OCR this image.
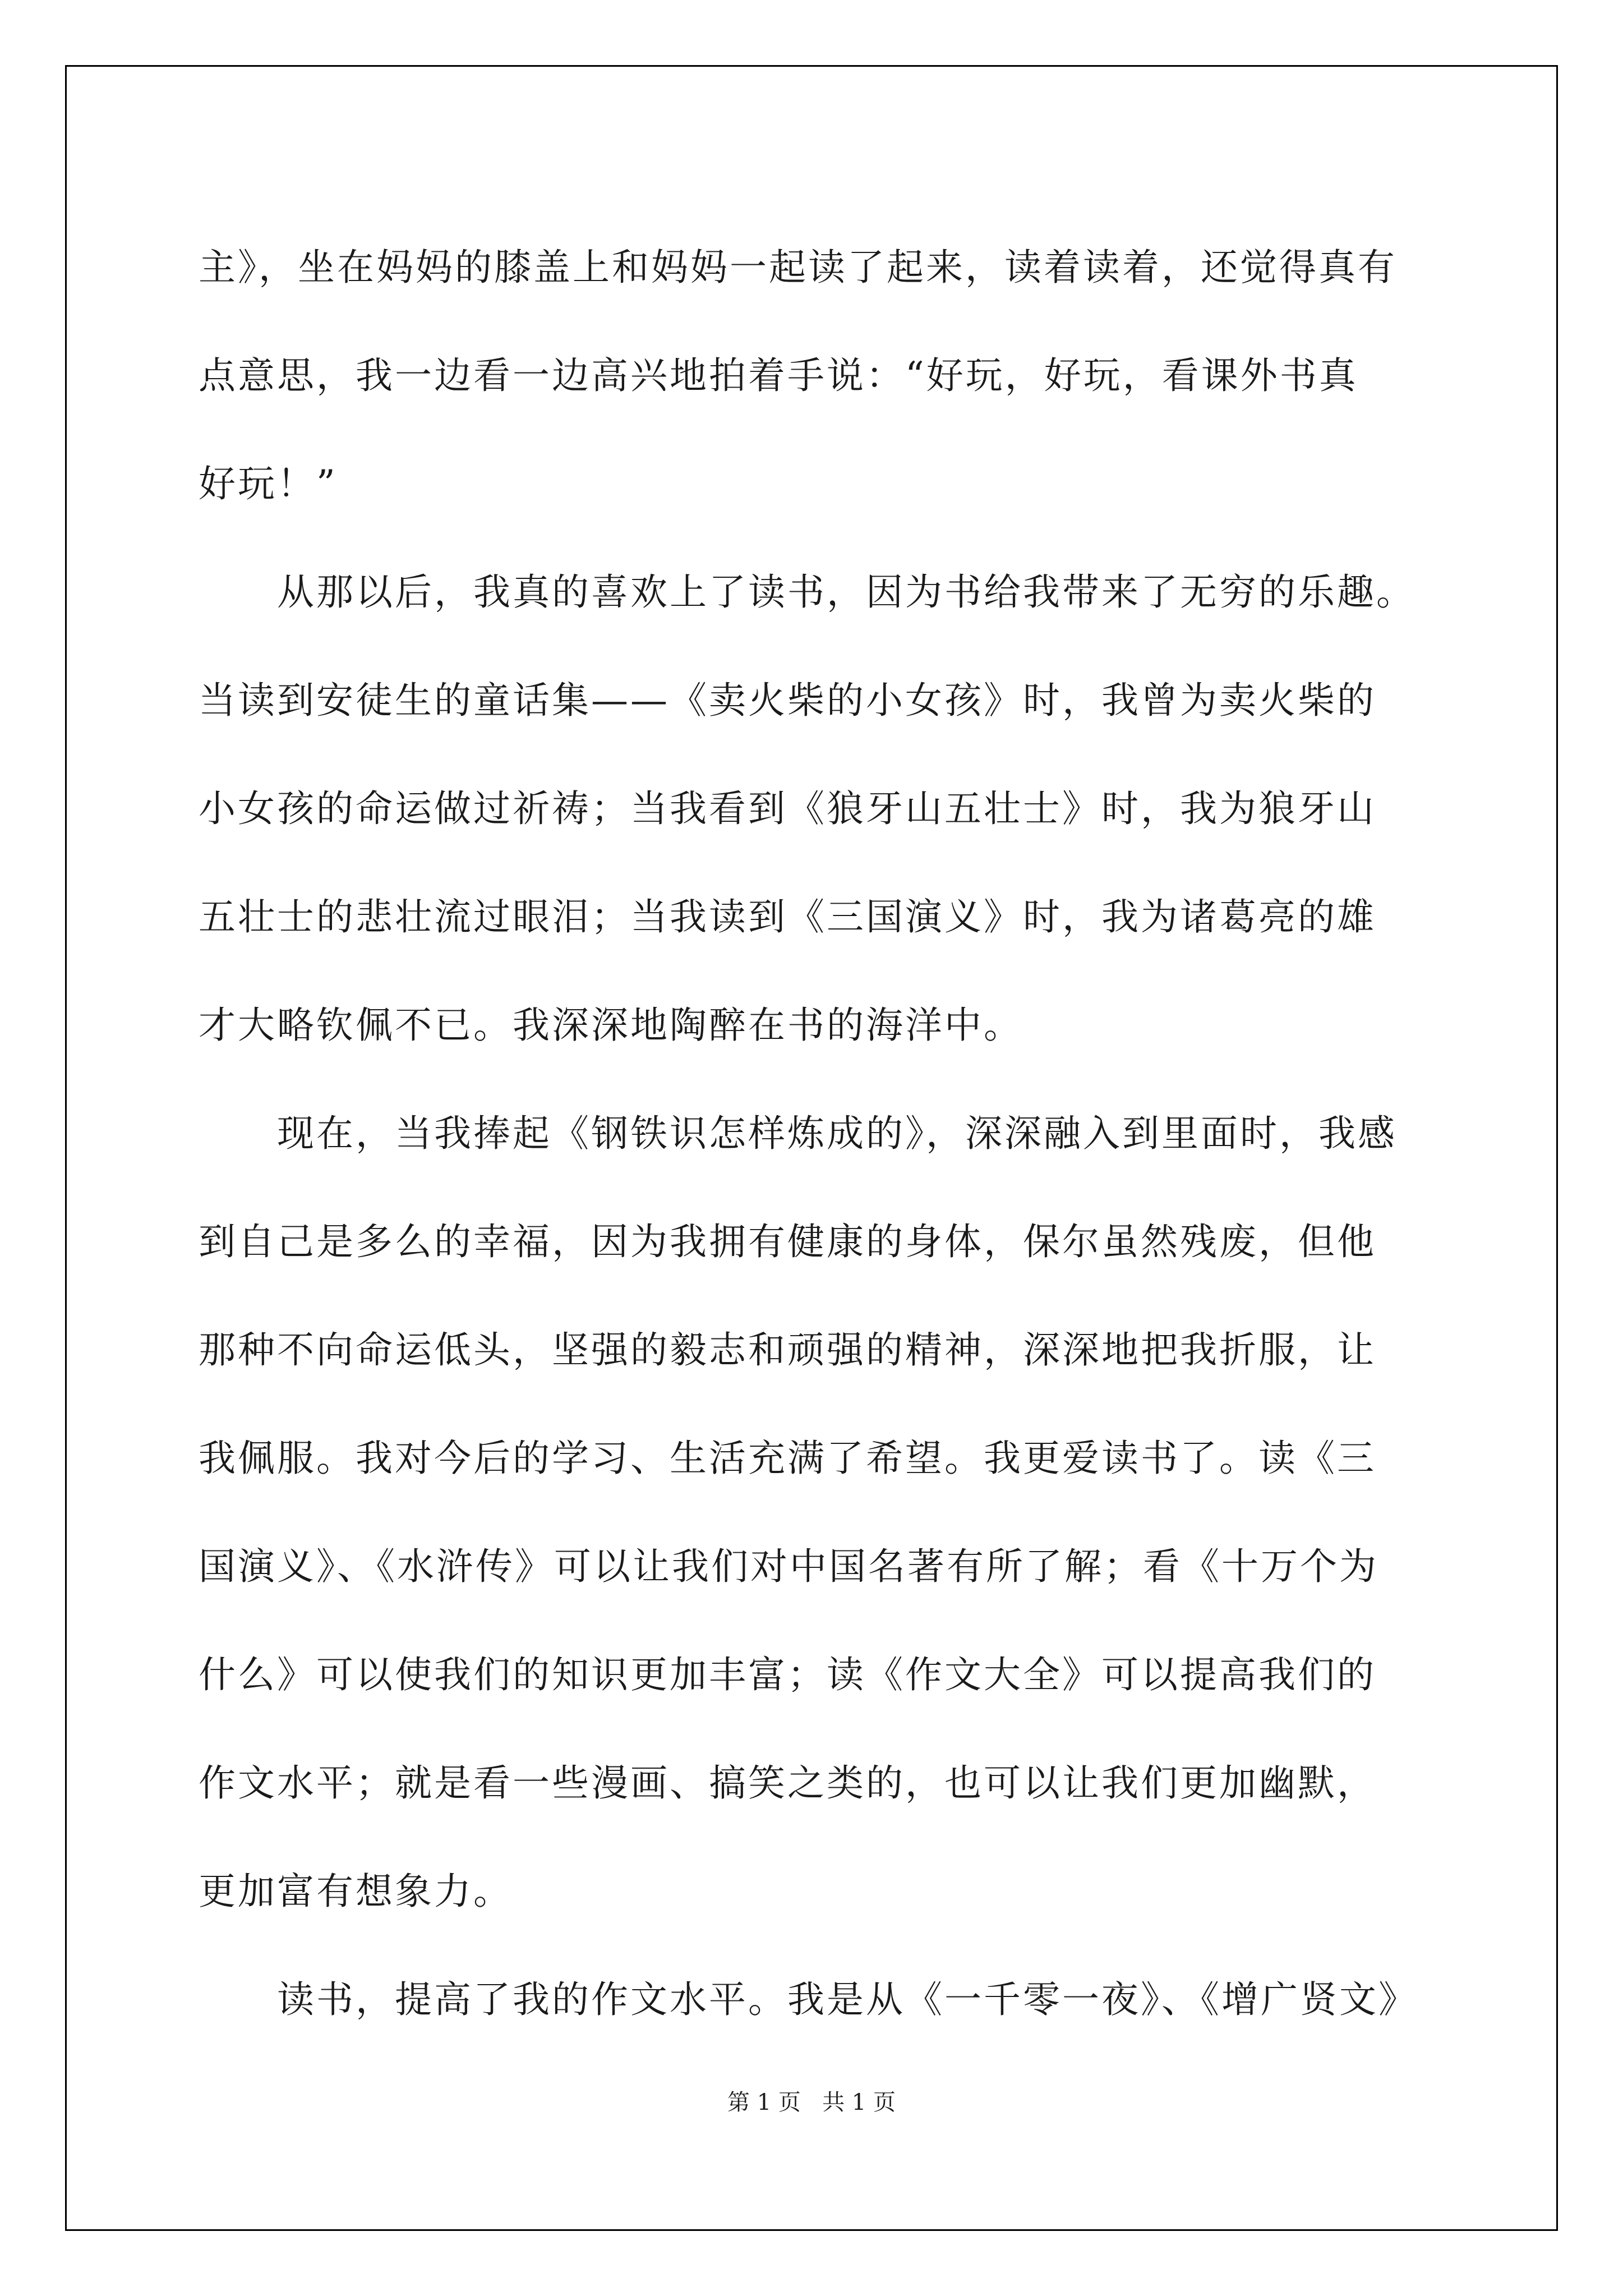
主》，坐在妈妈的膝盖上和妈妈一起读了起来，读着读着，还觉得真有
点意思，我一边看一边高兴地拍着手说：“好玩，好玩，看课外书真
好玩！”
从那以后，我真的喜欢上了读书，因为书给我带来了无穷的乐趣。
当读到安徒生的童话集——《卖火柴的小女孩》时，我曾为卖火柴的
小女孩的命运做过祈祷；当我看到《狼牙山五壮士》时，我为狼牙山
五壮士的悲壮流过眼泪；当我读到《三国演义》时，我为诸葛亮的雄
才大略钦佩不已。我深深地陶醉在书的海洋中。
现在，当我捧起《钢铁识怎样炼成的》，深深融入到里面时，我感
到自己是多么的幸福，因为我拥有健康的身体，保尔虽然残废，但他
那种不向命运低头，坚强的毅志和顽强的精神，深深地把我折服，让
我佩服。我对今后的学习、生活充满了希望。我更爱读书了。读《三
国演义》、《水浒传》可以让我们对中国名著有所了解；看《十万个为
什么》可以使我们的知识更加丰富；读《作文大全》可以提高我们的
作文水平；就是看一些漫画、搞笑之类的，也可以让我们更加幽默，
更加富有想象力。
读书，提高了我的作文水平。我是从《一千零一夜》、《增广贤文》
第 1 页   共 1 页
